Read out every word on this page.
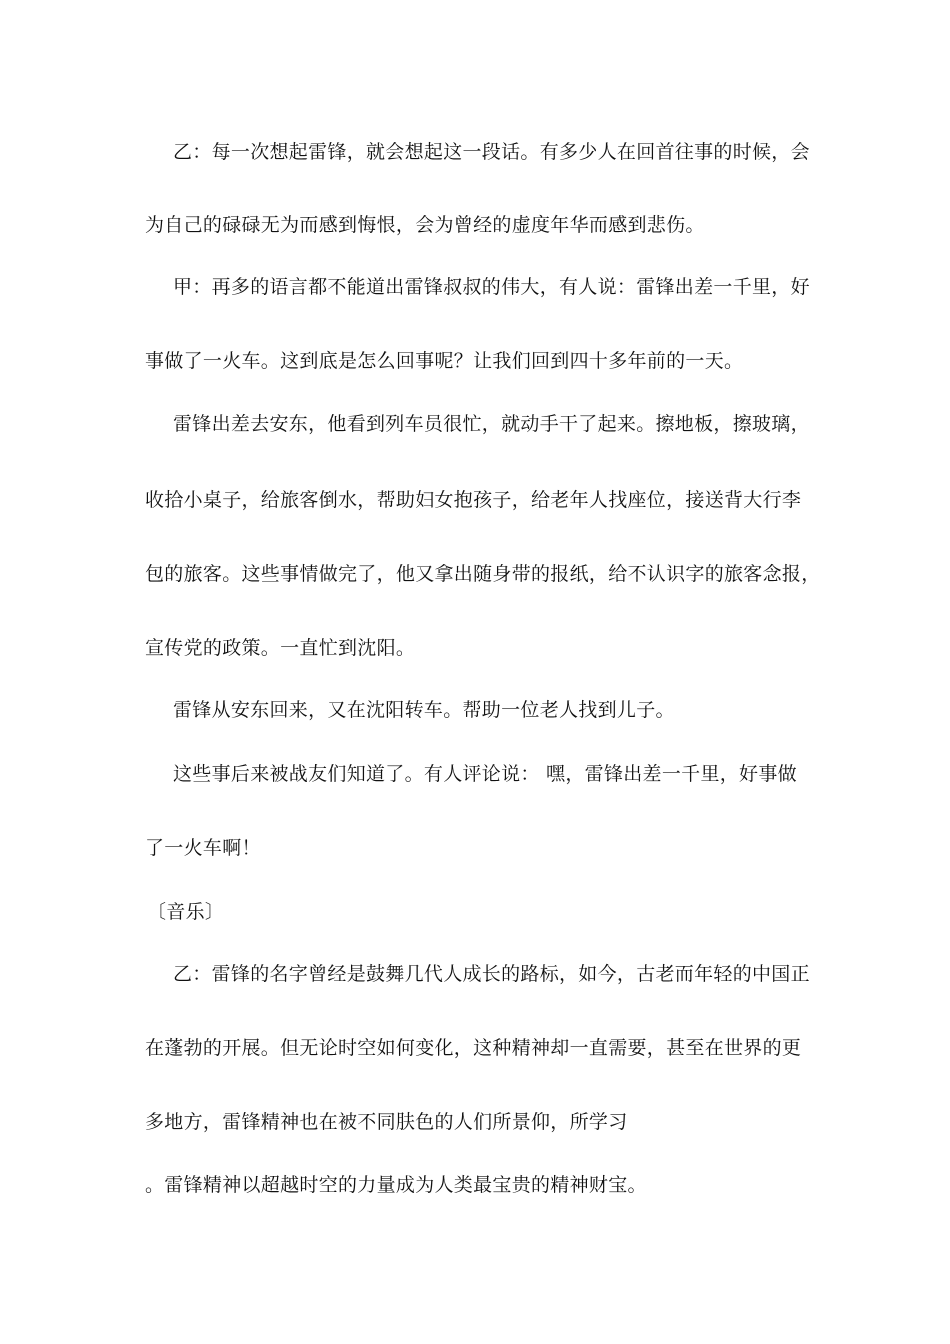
乙：每一次想起雷锋，就会想起这一段话。有多少人在回首往事的时候，会
为自己的碌碌无为而感到悔恨，会为曾经的虚度年华而感到悲伤。
甲：再多的语言都不能道出雷锋叔叔的伟大，有人说：雷锋出差一千里，好
事做了一火车。这到底是怎么回事呢？让我们回到四十多年前的一天。
雷锋出差去安东，他看到列车员很忙，就动手干了起来。擦地板，擦玻璃，
收拾小桌子，给旅客倒水，帮助妇女抱孩子，给老年人找座位，接送背大行李
包的旅客。这些事情做完了，他又拿出随身带的报纸，给不认识字的旅客念报，
宣传党的政策。一直忙到沈阳。
雷锋从安东回来，又在沈阳转车。帮助一位老人找到儿子。
这些事后来被战友们知道了。有人评论说： 嘿，雷锋出差一千里，好事做
了一火车啊！
〔音乐〕
乙：雷锋的名字曾经是鼓舞几代人成长的路标，如今，古老而年轻的中国正
在蓬勃的开展。但无论时空如何变化，这种精神却一直需要，甚至在世界的更
多地方，雷锋精神也在被不同肤色的人们所景仰，所学习
。雷锋精神以超越时空的力量成为人类最宝贵的精神财宝。
